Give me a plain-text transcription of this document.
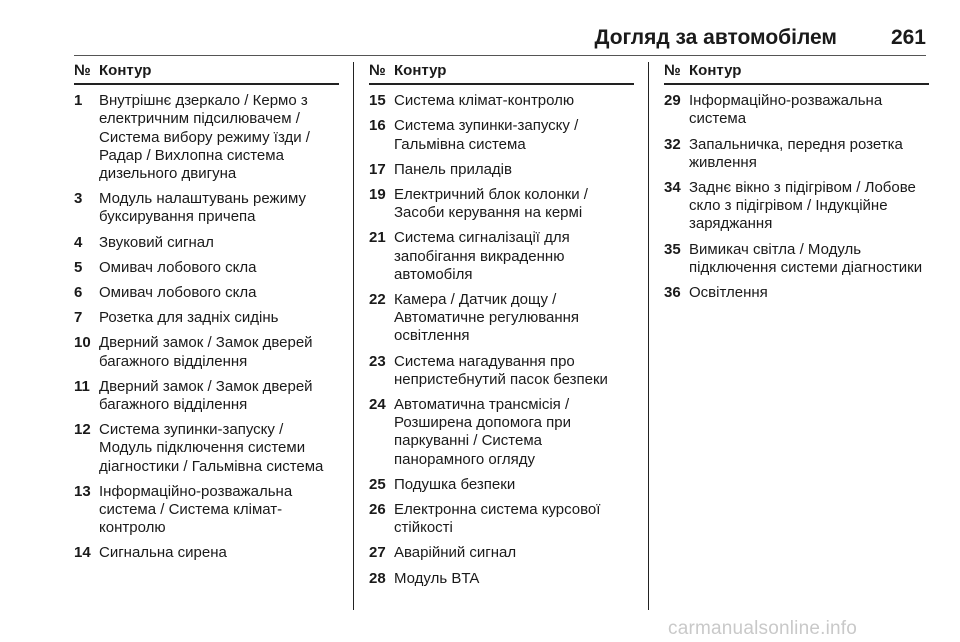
Догляд за автомобілем	261
№ Контур
1	Внутрішнє дзеркало / Кермо з електричним підсилювачем / Система вибору режиму їзди / Радар / Вихлопна система дизельного двигуна
3	Модуль налаштувань режиму буксирування причепа
4	Звуковий сигнал
5	Омивач лобового скла
6	Омивач лобового скла
7	Розетка для задніх сидінь
10 Дверний замок / Замок дверей багажного відділення
11 Дверний замок / Замок дверей багажного відділення
12 Система зупинки-запуску / Модуль підключення системи діагностики / Гальмівна система
13 Інформаційно-розважальна система / Система клімат-контролю
14 Сигнальна сирена
№ Контур
15 Система клімат-контролю
16 Система зупинки-запуску / Гальмівна система
17 Панель приладів
19 Електричний блок колонки / Засоби керування на кермі
21 Система сигналізації для запобігання викраденню автомобіля
22 Камера / Датчик дощу / Автоматичне регулювання освітлення
23 Система нагадування про непристебнутий пасок безпеки
24 Автоматична трансмісія / Розширена допомога при паркуванні / Система панорамного огляду
25 Подушка безпеки
26 Електронна система курсової стійкості
27 Аварійний сигнал
28 Модуль BTA
№ Контур
29 Інформаційно-розважальна система
32 Запальничка, передня розетка живлення
34 Заднє вікно з підігрівом / Лобове скло з підігрівом / Індукційне заряджання
35 Вимикач світла / Модуль підключення системи діагностики
36 Освітлення
carmanualsonline.info
